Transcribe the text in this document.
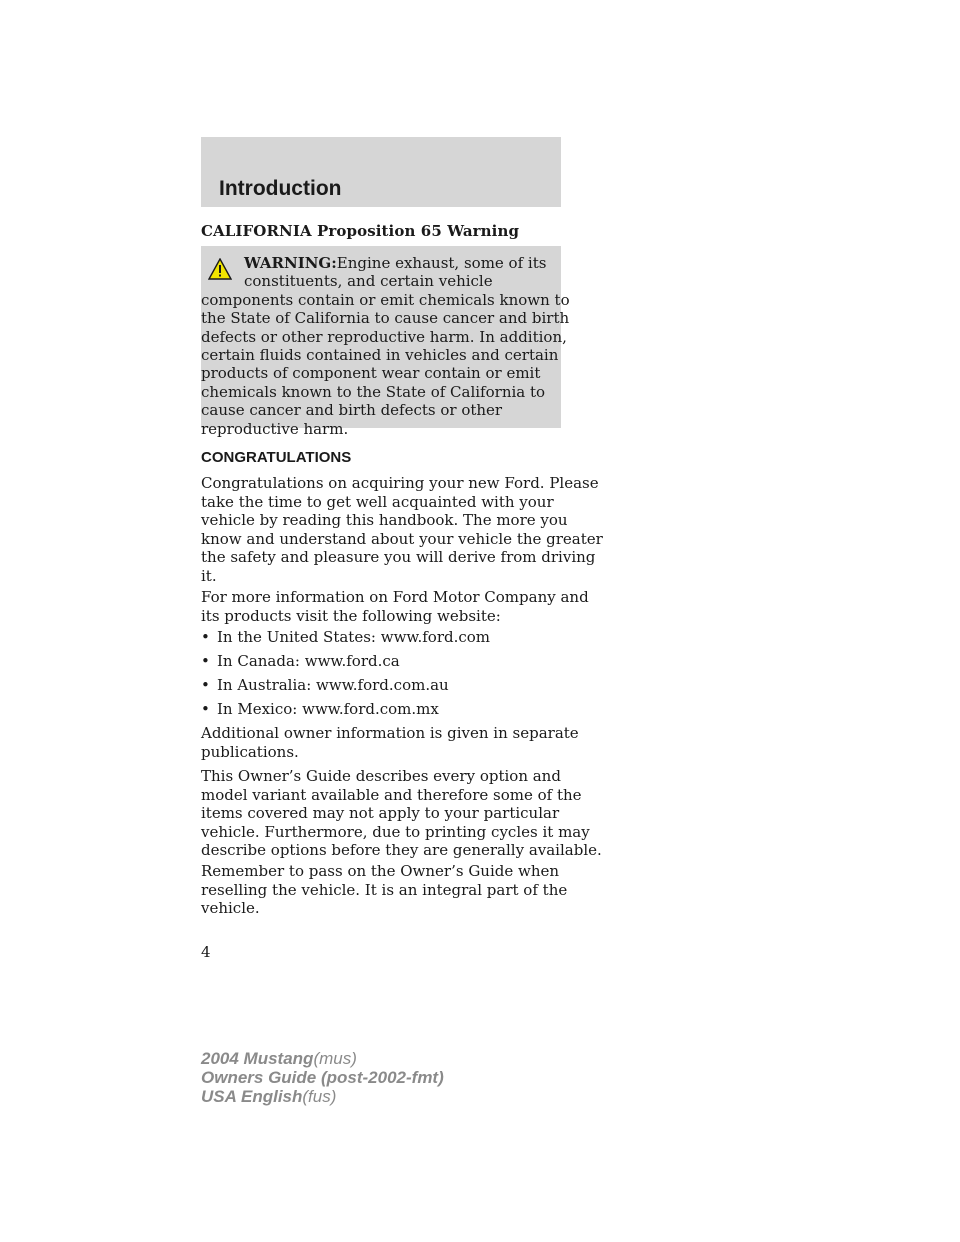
Introduction
CALIFORNIA Proposition 65 Warning
WARNING:Engine exhaust, some of its
constituents, and certain vehicle
components contain or emit chemicals known to
the State of California to cause cancer and birth
defects or other reproductive harm. In addition,
certain fluids contained in vehicles and certain
products of component wear contain or emit
chemicals known to the State of California to
cause cancer and birth defects or other
reproductive harm.
CONGRATULATIONS
Congratulations on acquiring your new Ford. Please
take the time to get well acquainted with your
vehicle by reading this handbook. The more you
know and understand about your vehicle the greater
the safety and pleasure you will derive from driving
it.
For more information on Ford Motor Company and
its products visit the following website:
• In the United States: www.ford.com
• In Canada: www.ford.ca
• In Australia: www.ford.com.au
• In Mexico: www.ford.com.mx
Additional owner information is given in separate
publications.
This Owner’s Guide describes every option and
model variant available and therefore some of the
items covered may not apply to your particular
vehicle. Furthermore, due to printing cycles it may
describe options before they are generally available.
Remember to pass on the Owner’s Guide when
reselling the vehicle. It is an integral part of the
vehicle.
4
2004 Mustang(mus)
Owners Guide (post-2002-fmt)
USA English(fus)
